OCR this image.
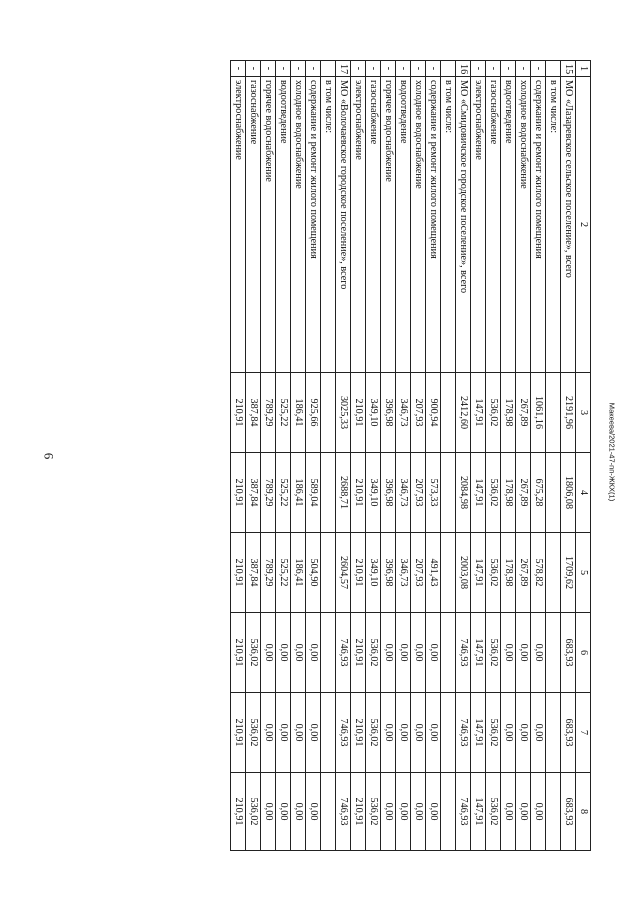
6	Макеева/2021-47-пп-ЖКХ(1)
1	2	3	4	5	6	7	8
15	МО «Лазаревское сельское поселение», всего	2191,96	1806,08	1709,62	683,93	683,93	683,93
	в том числе:						
-	содержание и ремонт жилого помещения	1061,16	675,28	578,82	0,00	0,00	0,00
-	холодное водоснабжение	267,89	267,89	267,89	0,00	0,00	0,00
-	водоотведение	178,98	178,98	178,98	0,00	0,00	0,00
-	газоснабжение	536,02	536,02	536,02	536,02	536,02	536,02
-	электроснабжение	147,91	147,91	147,91	147,91	147,91	147,91
16	МО «Смидовичское городское поселение», всего	2412,60	2084,98	2003,08	746,93	746,93	746,93
	в том числе:						
-	содержание и ремонт жилого помещения	900,94	573,33	491,43	0,00	0,00	0,00
-	холодное водоснабжение	207,93	207,93	207,93	0,00	0,00	0,00
-	водоотведение	346,73	346,73	346,73	0,00	0,00	0,00
-	горячее водоснабжение	396,98	396,98	396,98	0,00	0,00	0,00
-	газоснабжение	349,10	349,10	349,10	536,02	536,02	536,02
-	электроснабжение	210,91	210,91	210,91	210,91	210,91	210,91
17	МО «Волочаевское городское поселение», всего	3025,33	2688,71	2604,57	746,93	746,93	746,93
	в том числе:						
-	содержание и ремонт жилого помещения	925,66	589,04	504,90	0,00	0,00	0,00
-	холодное водоснабжение	186,41	186,41	186,41	0,00	0,00	0,00
-	водоотведение	525,22	525,22	525,22	0,00	0,00	0,00
-	горячее водоснабжение	789,29	789,29	789,29	0,00	0,00	0,00
-	газоснабжение	387,84	387,84	387,84	536,02	536,02	536,02
-	электроснабжение	210,91	210,91	210,91	210,91	210,91	210,91
